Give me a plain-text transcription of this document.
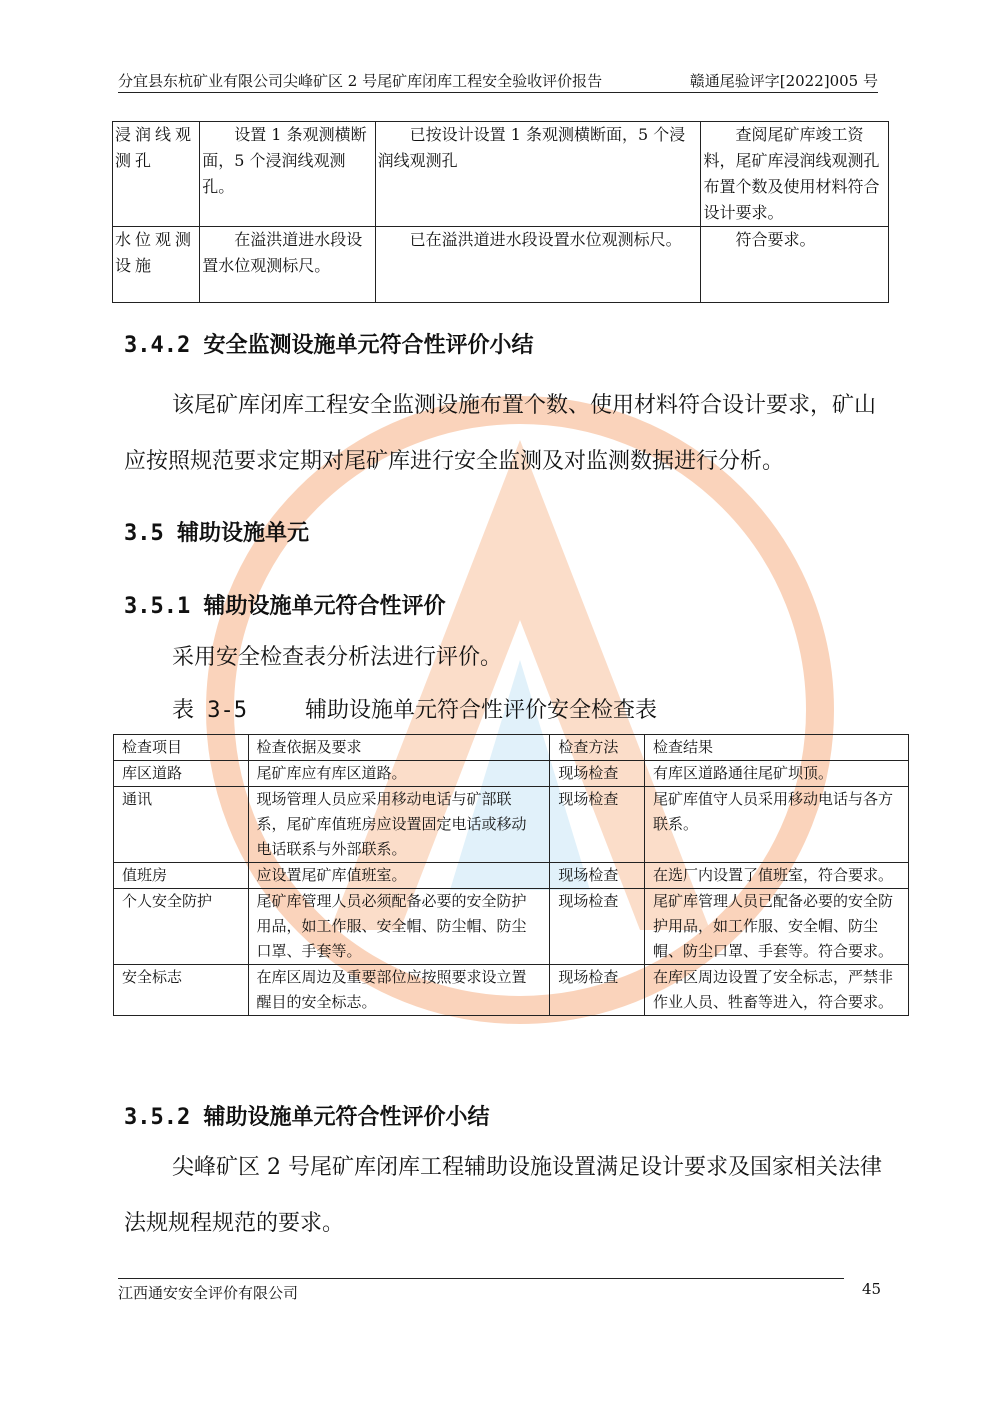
分宜县东杭矿业有限公司尖峰矿区 2 号尾矿库闭库工程安全验收评价报告	赣通尾验评字[2022]005 号
浸润线观测孔	设置 1 条观测横断面，5 个浸润线观测孔。	已按设计设置 1 条观测横断面，5 个浸润线观测孔	查阅尾矿库竣工资料，尾矿库浸润线观测孔布置个数及使用材料符合设计要求。
水位观测设施	在溢洪道进水段设置水位观测标尺。	已在溢洪道进水段设置水位观测标尺。	符合要求。
3.4.2 安全监测设施单元符合性评价小结
该尾矿库闭库工程安全监测设施布置个数、使用材料符合设计要求，矿山应按照规范要求定期对尾矿库进行安全监测及对监测数据进行分析。
3.5 辅助设施单元
3.5.1 辅助设施单元符合性评价
采用安全检查表分析法进行评价。
表 3-5	辅助设施单元符合性评价安全检查表
检查项目	检查依据及要求	检查方法	检查结果
库区道路	尾矿库应有库区道路。	现场检查	有库区道路通往尾矿坝顶。
通讯	现场管理人员应采用移动电话与矿部联系，尾矿库值班房应设置固定电话或移动电话联系与外部联系。	现场检查	尾矿库值守人员采用移动电话与各方联系。
值班房	应设置尾矿库值班室。	现场检查	在选厂内设置了值班室，符合要求。
个人安全防护	尾矿库管理人员必须配备必要的安全防护用品，如工作服、安全帽、防尘帽、防尘口罩、手套等。	现场检查	尾矿库管理人员已配备必要的安全防护用品，如工作服、安全帽、防尘帽、防尘口罩、手套等。符合要求。
安全标志	在库区周边及重要部位应按照要求设立置醒目的安全标志。	现场检查	在库区周边设置了安全标志，严禁非作业人员、牲畜等进入，符合要求。
3.5.2 辅助设施单元符合性评价小结
尖峰矿区 2 号尾矿库闭库工程辅助设施设置满足设计要求及国家相关法律法规规程规范的要求。
江西通安安全评价有限公司	45
